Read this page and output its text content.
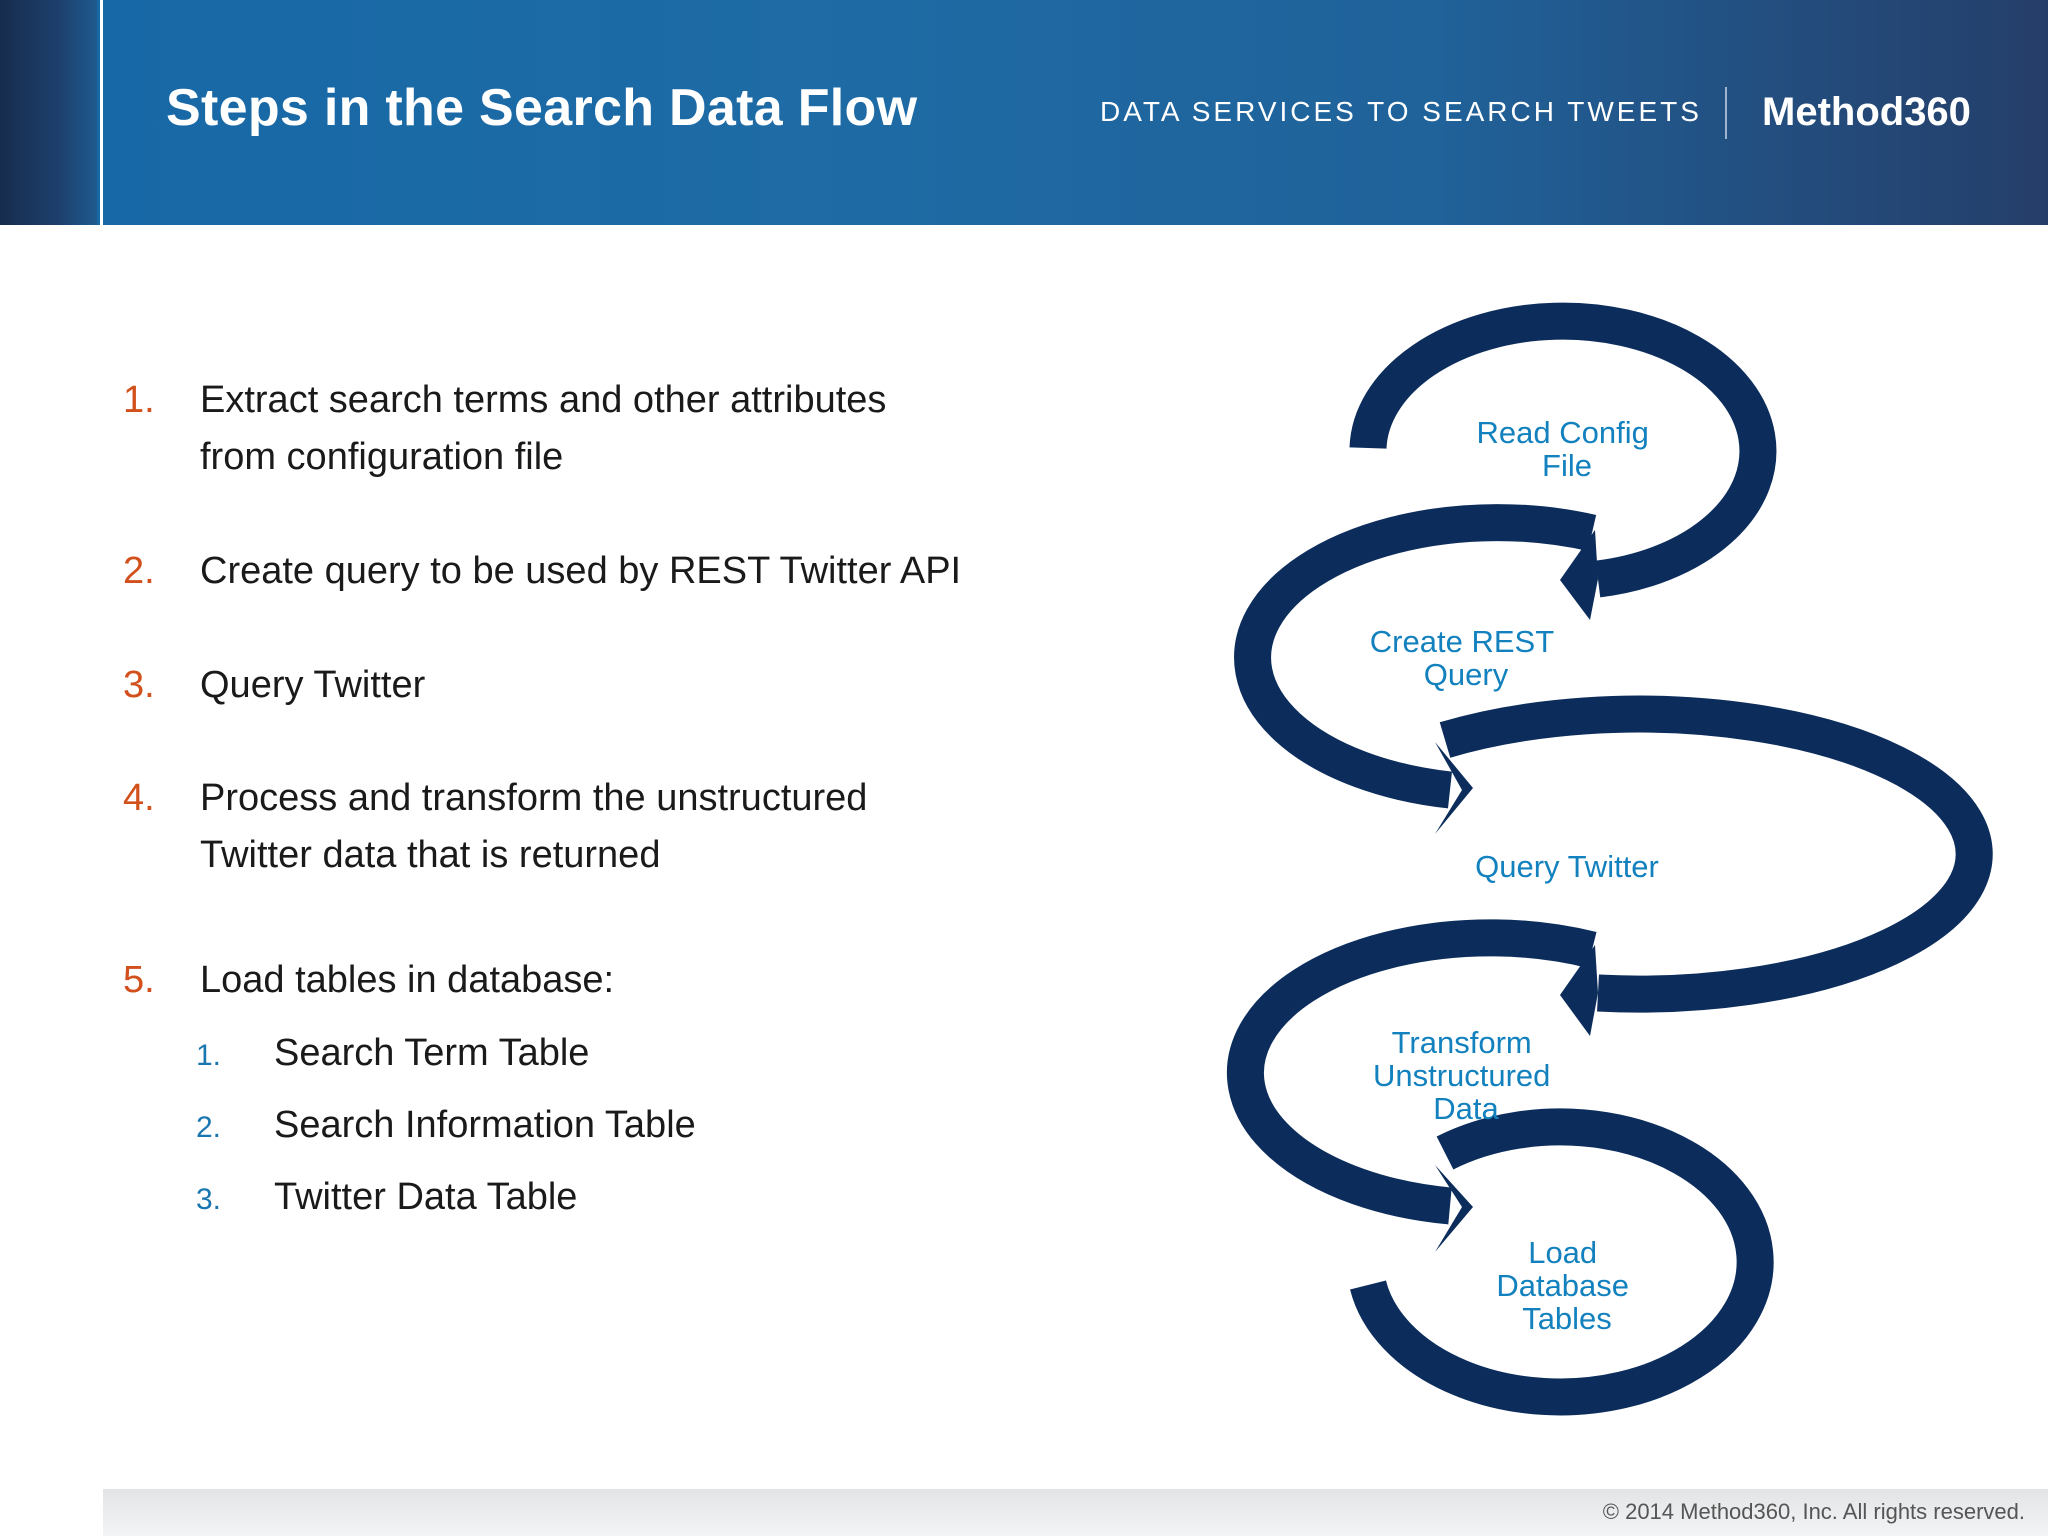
Steps in the Search Data Flow	DATA SERVICES TO SEARCH TWEETS Method360

1.	Extract search terms and other attributes
from configuration file
2.	Create query to be used by REST Twitter API
3.	Query Twitter
4.	Process and transform the unstructured
Twitter data that is returned
5.	Load tables in database:
1.	Search Term Table
2.	Search Information Table
3.	Twitter Data Table
Read Config File
Create REST Query
Query Twitter
Transform Unstructured Data
Load Database Tables

© 2014 Method360, Inc. All rights reserved.
